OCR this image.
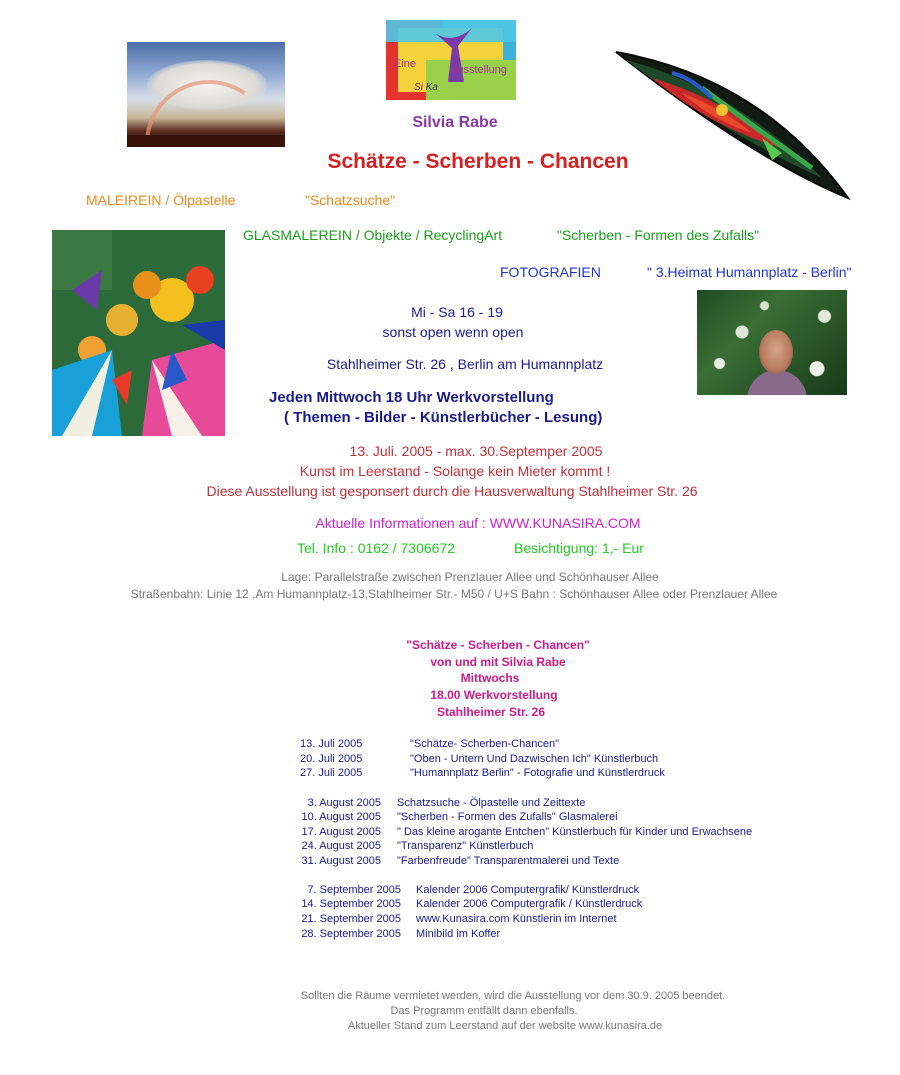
Eine	Ausstellung
Si Ka
Silvia Rabe
Schätze - Scherben - Chancen
MALEIREIN / Ölpastelle	"Schatzsuche"
GLASMALEREIN / Objekte / RecyclingArt	"Scherben - Formen des Zufalls"
FOTOGRAFIEN	" 3.Heimat Humannplatz - Berlin"
Mi - Sa 16 - 19
sonst open wenn open
Stahlheimer Str. 26 , Berlin am Humannplatz
Jeden Mittwoch 18 Uhr Werkvorstellung
( Themen - Bilder - Künstlerbücher - Lesung)
13. Juli. 2005 - max. 30.Septemper 2005
Kunst im Leerstand - Solange kein Mieter kommt !
Diese Ausstellung ist gesponsert durch die Hausverwaltung Stahlheimer Str. 26
Aktuelle Informationen auf : WWW.KUNASIRA.COM
Tel. Info : 0162 / 7306672	Besichtigung: 1,- Eur
Lage: Parallelstraße zwischen Prenzlauer Allee und Schönhauser Allee
Straßenbahn: Linie 12 ,Am Humannplatz-13,Stahlheimer Str.- M50 / U+S Bahn : Schönhauser Allee oder Prenzlauer Allee
"Schätze - Scherben - Chancen"
von und mit Silvia Rabe
Mittwochs
18.00 Werkvorstellung
Stahlheimer Str. 26
13. Juli 2005	"Schätze- Scherben-Chancen"
20. Juli 2005	"Oben - Untern Und Dazwischen Ich" Künstlerbuch
27. Juli 2005	"Humannplatz Berlin" - Fotografie und Künstlerdruck
3. August 2005 Schatzsuche - Ölpastelle und Zeittexte
10. August 2005 "Scherben - Formen des Zufalls" Glasmalerei
17. August 2005 " Das kleine arogante Entchen" Künstlerbuch für Kinder und Erwachsene
24. August 2005 "Transparenz" Künstlerbuch
31. August 2005 "Farbenfreude" Transparentmalerei und Texte
7. September 2005 Kalender 2006 Computergrafik/ Künstlerdruck
14. September 2005 Kalender 2006 Computergrafik / Künstlerdruck
21. September 2005 www.Kunasira.com Künstlerin im Internet
28. September 2005 Minibild im Koffer
Sollten die Räume vermietet werden, wird die Ausstellung vor dem 30.9. 2005 beendet.
Das Programm entfällt dann ebenfalls.
Aktueller Stand zum Leerstand auf der website www.kunasira.de
